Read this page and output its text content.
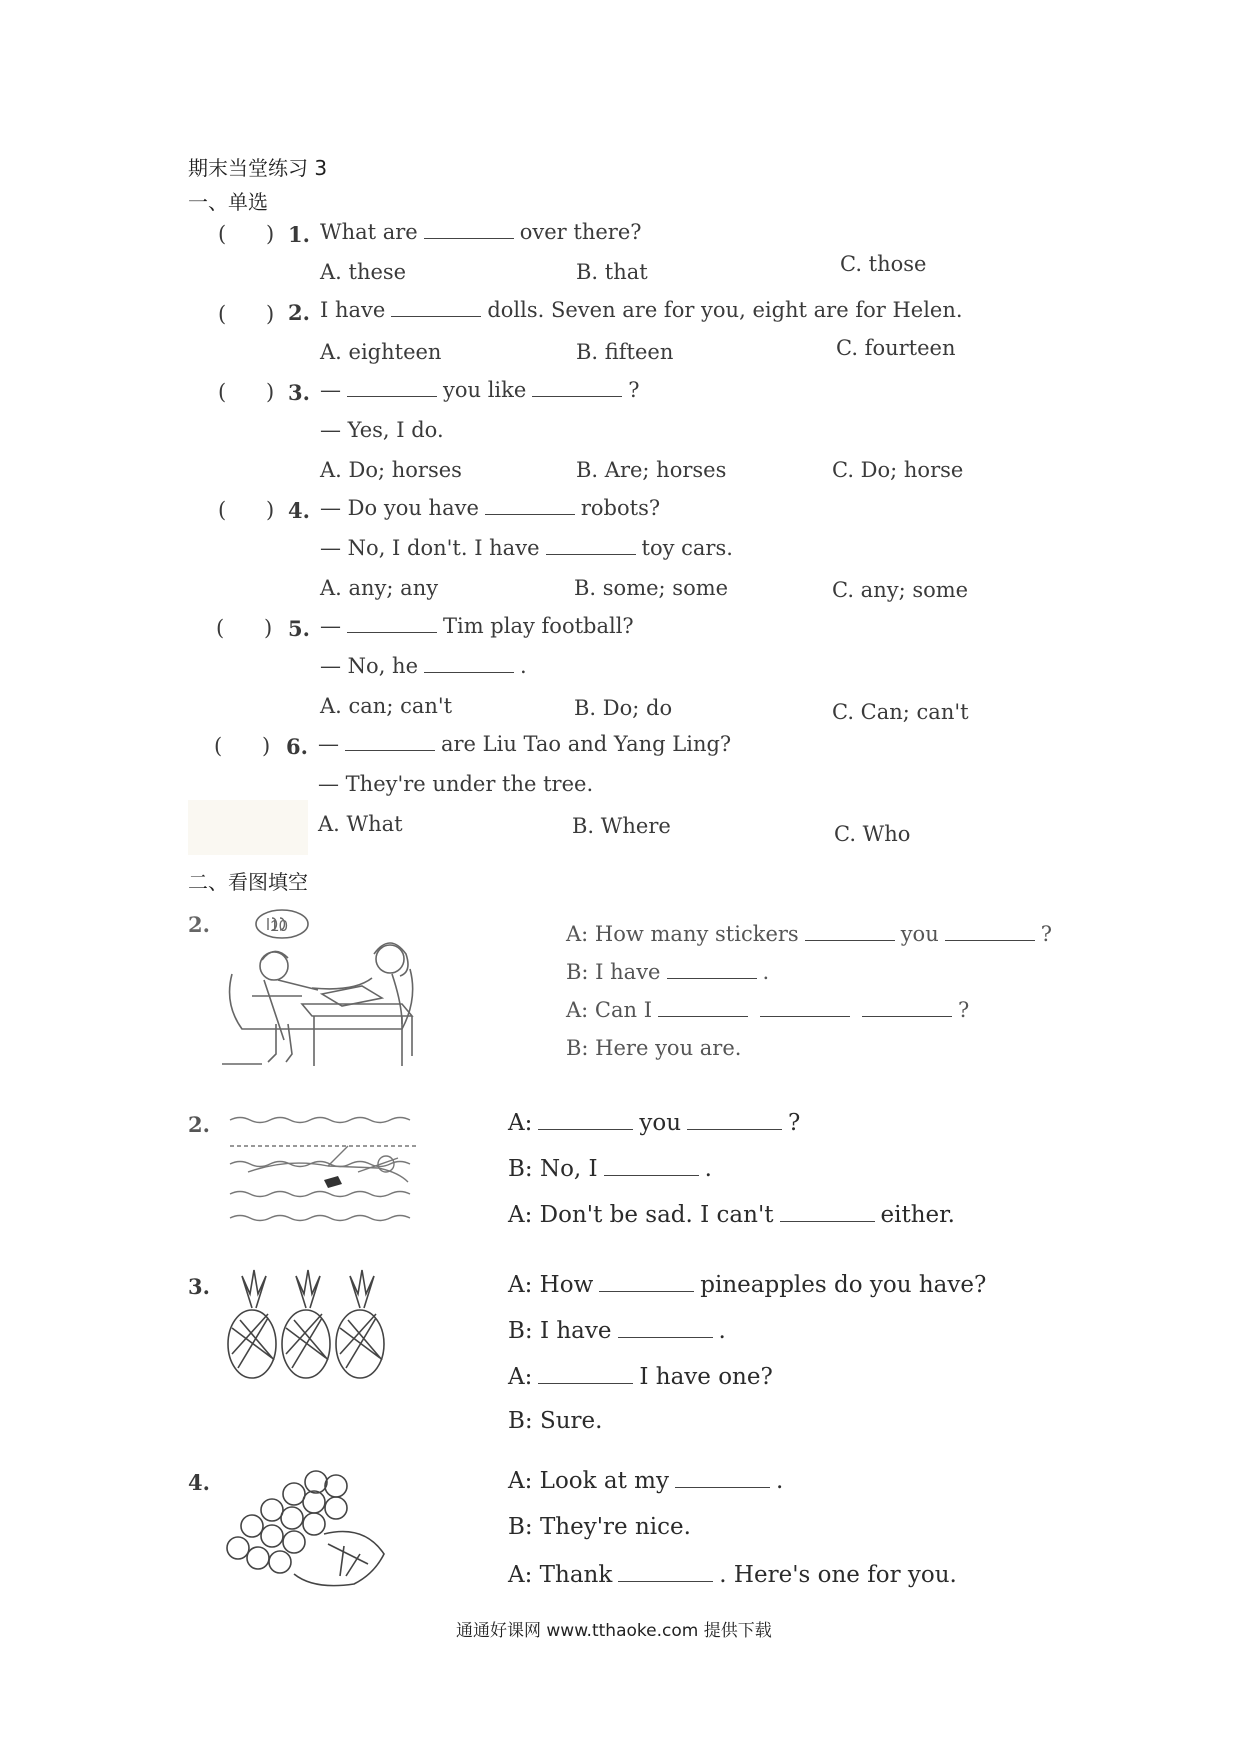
期末当堂练习 3
一、单选
( ) 1. What are	over there?
A. these	B. that	C. those
( ) 2. I have	dolls. Seven are for you, eight are for Helen.
A. eighteen	B. fifteen	C. fourteen
( ) 3. —	you like	?
— Yes, I do.
A. Do; horses	B. Are; horses	C. Do; horse
( ) 4. — Do you have	robots?
— No, I don't. I have	toy cars.
A. any; any	B. some; some	C. any; some
( ) 5. —	Tim play football?
— No, he	.
A. can; can't	B. Do; do	C. Can; can't
( ) 6. —	are Liu Tao and Yang Ling?
— They're under the tree.
A. What	B. Where	C. Who
二、看图填空
2.	10	A: How many stickers	you	?
B: I have	.
A: Can I	?
B: Here you are.
2.	A:	you	?
B: No, I	.
A: Don't be sad. I can't	either.
3.	A: How	pineapples do you have?
B: I have	.
A:	I have one?
B: Sure.
4.	A: Look at my	.
B: They're nice.
A: Thank	. Here's one for you.
通通好课网 www.tthaoke.com 提供下载
